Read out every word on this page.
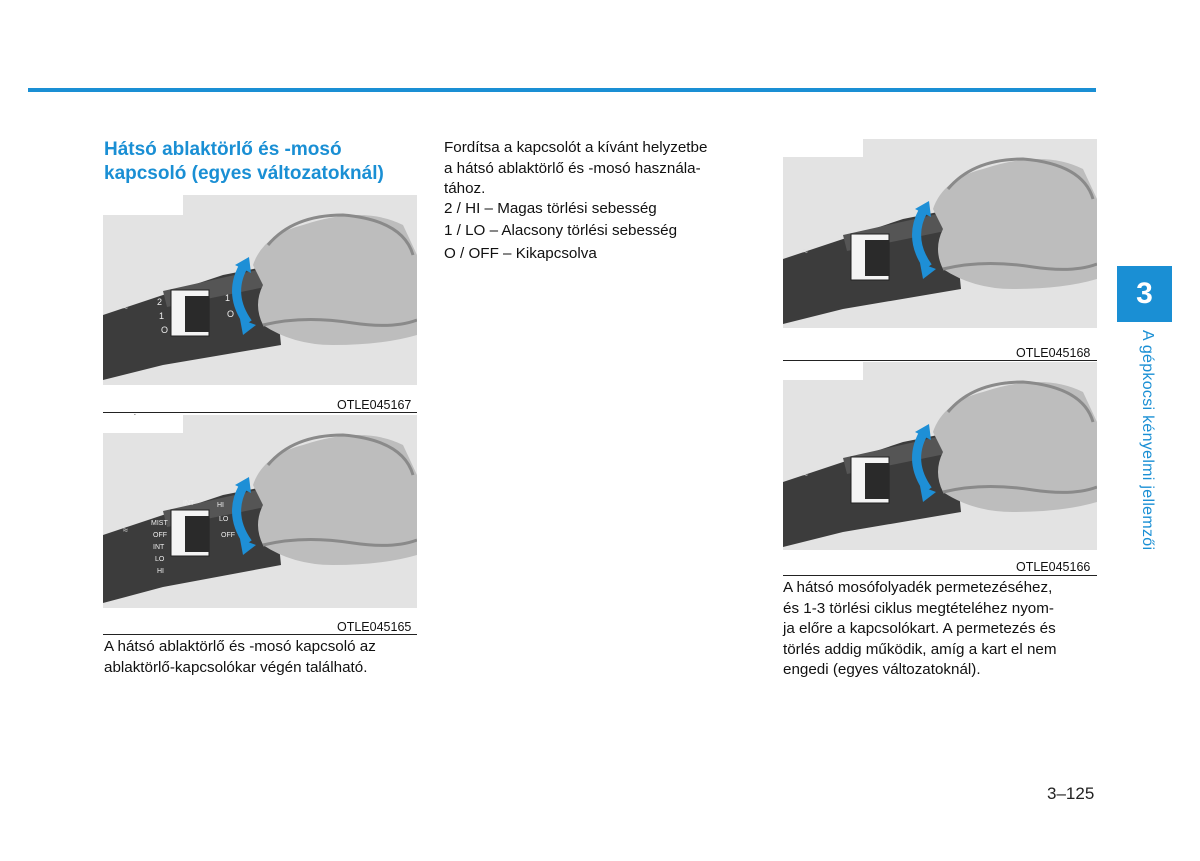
Hátsó ablaktörlő és -mosó
kapcsoló (egyes változatoknál)
≈	2
1
O
1
O
OTLE045167
≈
INT
MIST
OFF
INT
LO
HI
HI
LO
OFF
OTLE045165
A hátsó ablaktörlő és -mosó kapcsoló az
ablaktörlő-kapcsolókar végén található.
Fordítsa a kapcsolót a kívánt helyzetbe
a hátsó ablaktörlő és -mosó használa-
tához.
2 / HI – Magas törlési sebesség
1 / LO – Alacsony törlési sebesség
O / OFF – Kikapcsolva	≈
OTLE045168
≈
OTLE045166
A hátsó mosófolyadék permetezéséhez,
és 1-3 törlési ciklus megtételéhez nyom-
ja előre a kapcsolókart. A permetezés és
törlés addig működik, amíg a kart el nem
engedi (egyes változatoknál).
3
A gépkocsi kényelmi jellemzői
3–125
